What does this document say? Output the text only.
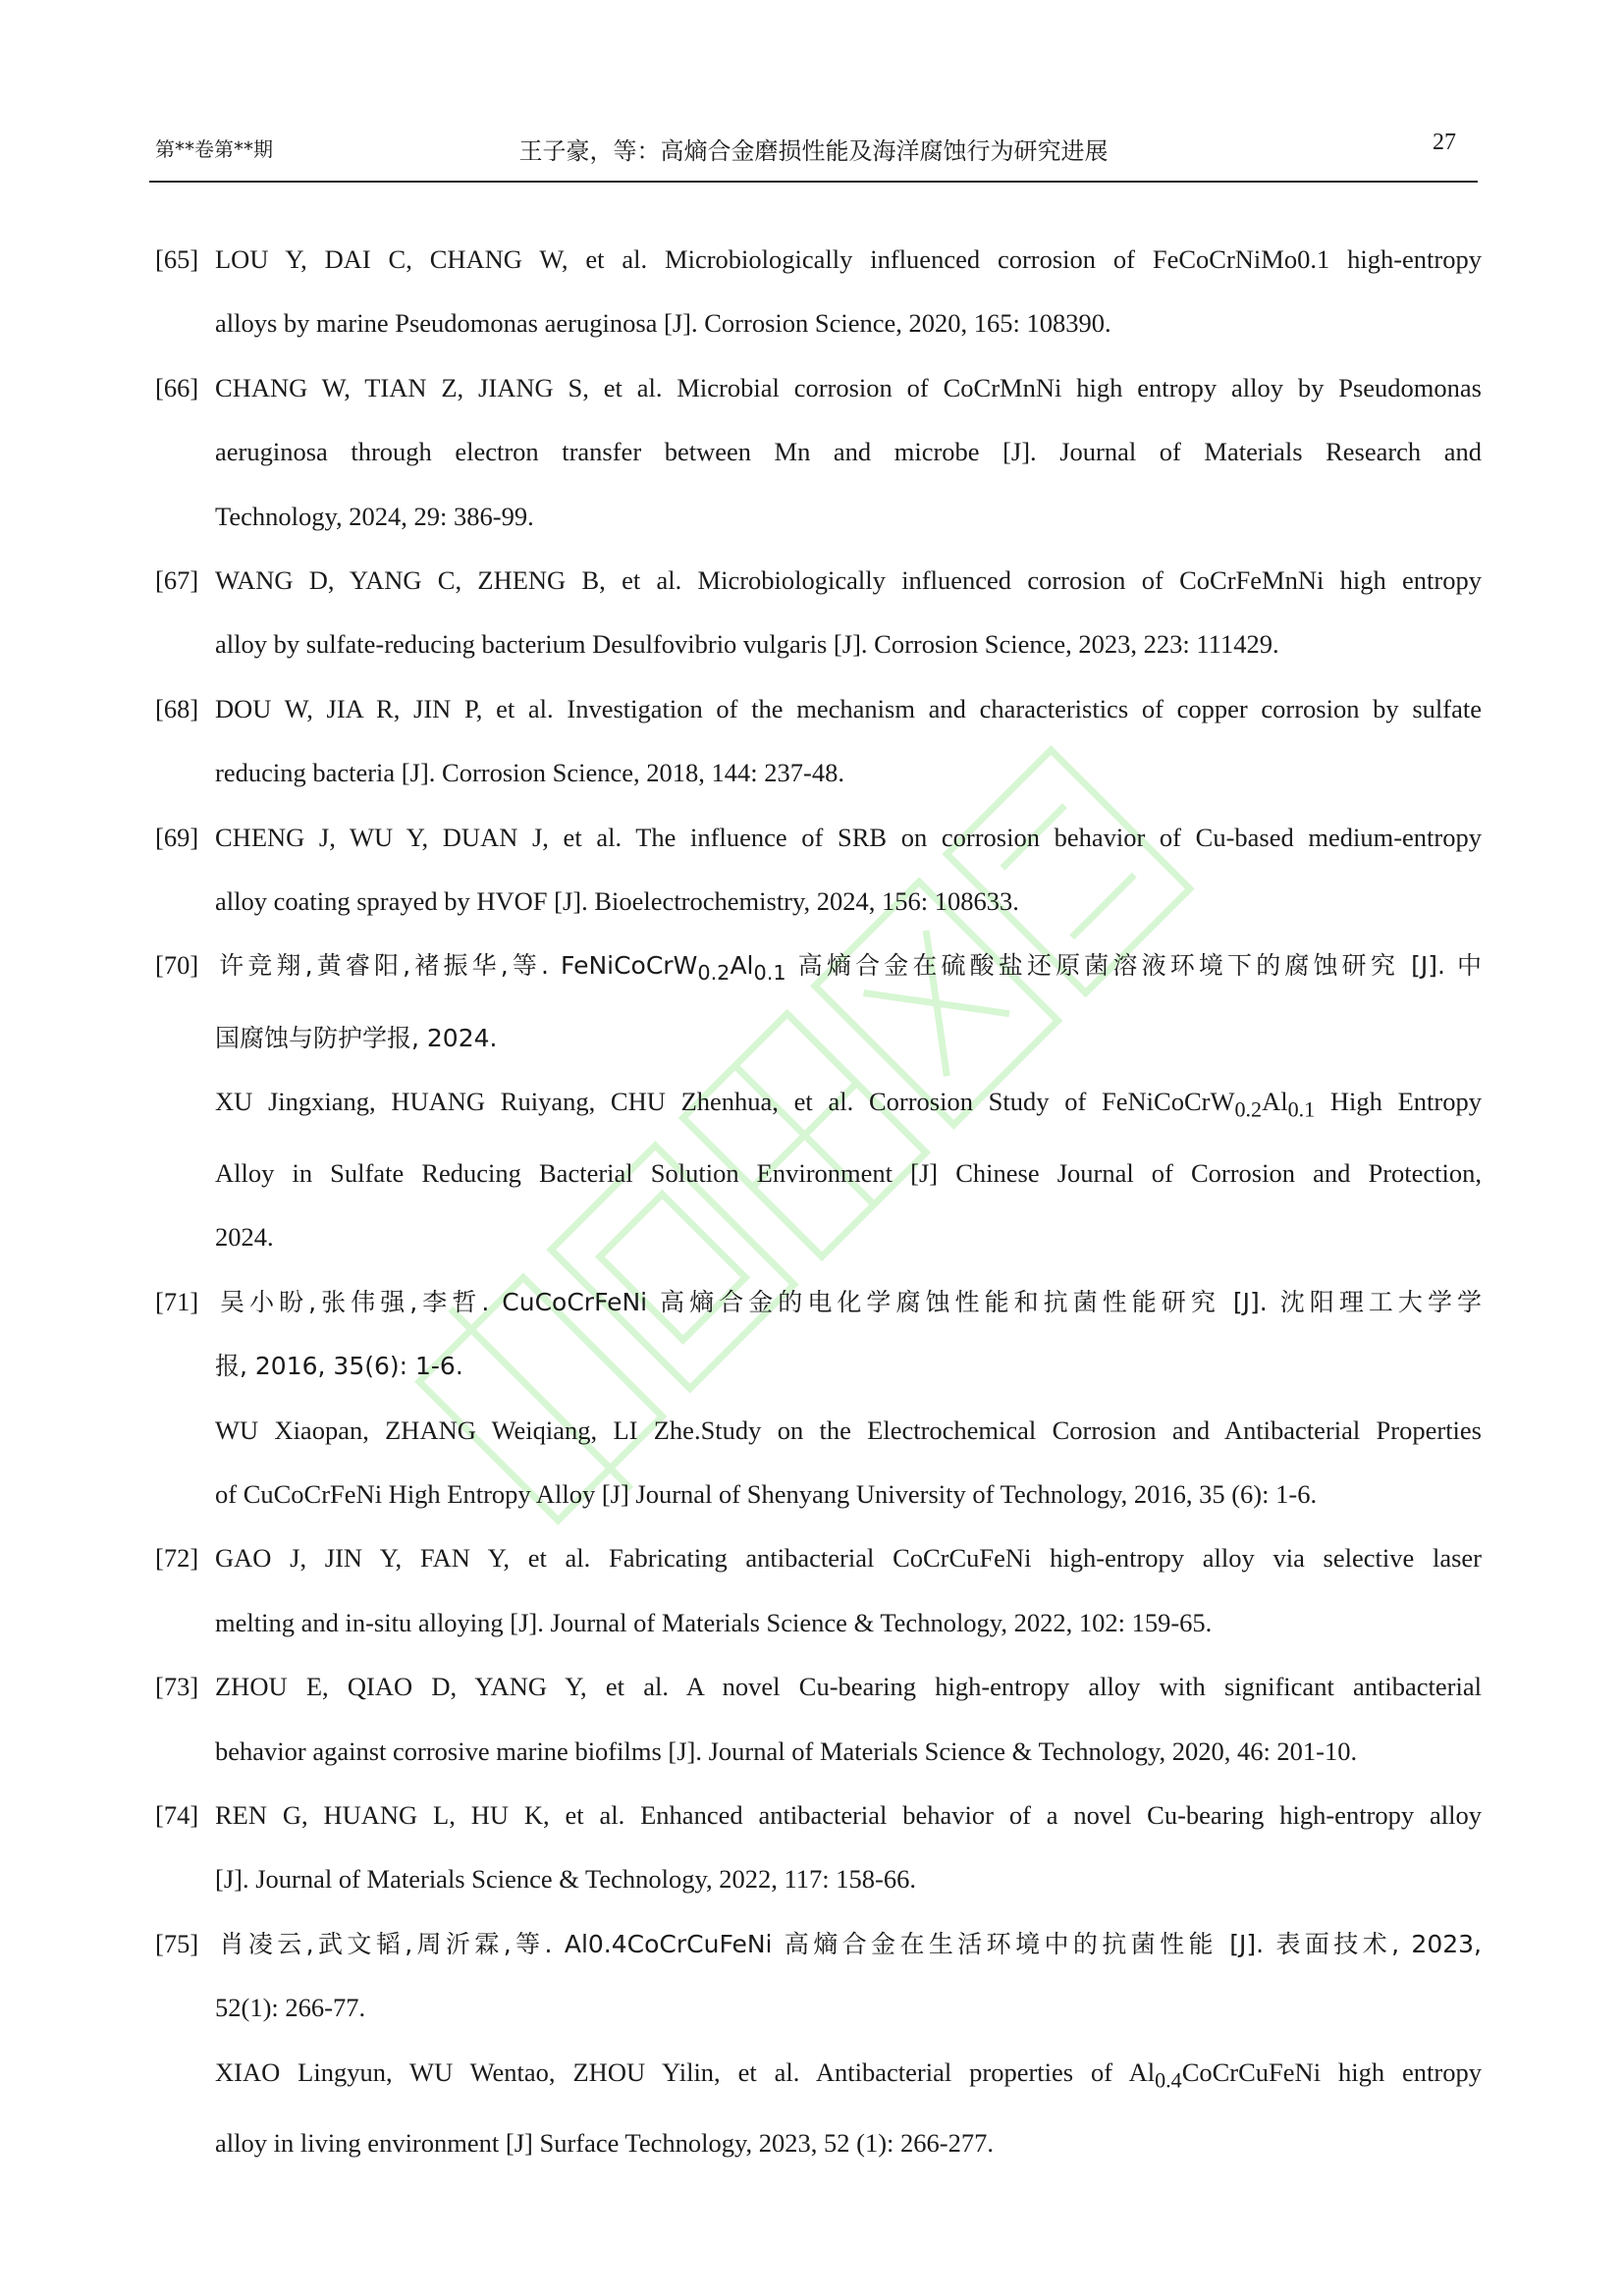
第**卷第**期	王子豪，等：高熵合金磨损性能及海洋腐蚀行为研究进展	27
[65] LOU Y, DAI C, CHANG W, et al. Microbiologically influenced corrosion of FeCoCrNiMo0.1 high-entropy
alloys by marine Pseudomonas aeruginosa [J]. Corrosion Science, 2020, 165: 108390.
[66] CHANG W, TIAN Z, JIANG S, et al. Microbial corrosion of CoCrMnNi high entropy alloy by Pseudomonas
aeruginosa through electron transfer between Mn and microbe [J]. Journal of Materials Research and
Technology, 2024, 29: 386-99.
[67] WANG D, YANG C, ZHENG B, et al. Microbiologically influenced corrosion of CoCrFeMnNi high entropy
alloy by sulfate-reducing bacterium Desulfovibrio vulgaris [J]. Corrosion Science, 2023, 223: 111429.
[68] DOU W, JIA R, JIN P, et al. Investigation of the mechanism and characteristics of copper corrosion by sulfate
reducing bacteria [J]. Corrosion Science, 2018, 144: 237-48.
[69] CHENG J, WU Y, DUAN J, et al. The influence of SRB on corrosion behavior of Cu-based medium-entropy
alloy coating sprayed by HVOF [J]. Bioelectrochemistry, 2024, 156: 108633.
[70] 许竞翔,黄睿阳,褚振华,等. $FeNiCoCrW_{0.2}Al_{0.1}$ 高熵合金在硫酸盐还原菌溶液环境下的腐蚀研究 [J]. 中
国腐蚀与防护学报, 2024.
XU Jingxiang, HUANG Ruiyang, CHU Zhenhua, et al. Corrosion Study of $FeNiCoCrW_{0.2}Al_{0.1}$ High Entropy
Alloy in Sulfate Reducing Bacterial Solution Environment [J] Chinese Journal of Corrosion and Protection,
2024.
[71] 吴小盼,张伟强,李哲. CuCoCrFeNi 高熵合金的电化学腐蚀性能和抗菌性能研究 [J]. 沈阳理工大学学
报, 2016, 35(6): 1-6.
WU Xiaopan, ZHANG Weiqiang, LI Zhe.Study on the Electrochemical Corrosion and Antibacterial Properties
of CuCoCrFeNi High Entropy Alloy [J] Journal of Shenyang University of Technology, 2016, 35 (6): 1-6.
[72] GAO J, JIN Y, FAN Y, et al. Fabricating antibacterial CoCrCuFeNi high-entropy alloy via selective laser
melting and in-situ alloying [J]. Journal of Materials Science & Technology, 2022, 102: 159-65.
[73] ZHOU E, QIAO D, YANG Y, et al. A novel Cu-bearing high-entropy alloy with significant antibacterial
behavior against corrosive marine biofilms [J]. Journal of Materials Science & Technology, 2020, 46: 201-10.
[74] REN G, HUANG L, HU K, et al. Enhanced antibacterial behavior of a novel Cu-bearing high-entropy alloy
[J]. Journal of Materials Science & Technology, 2022, 117: 158-66.
[75] 肖凌云,武文韬,周沂霖,等. Al0.4CoCrCuFeNi 高熵合金在生活环境中的抗菌性能 [J]. 表面技术, 2023,
52(1): 266-77.
XIAO Lingyun, WU Wentao, ZHOU Yilin, et al. Antibacterial properties of $Al_{0.4}CoCrCuFeNi$ high entropy
alloy in living environment [J] Surface Technology, 2023, 52 (1): 266-277.
